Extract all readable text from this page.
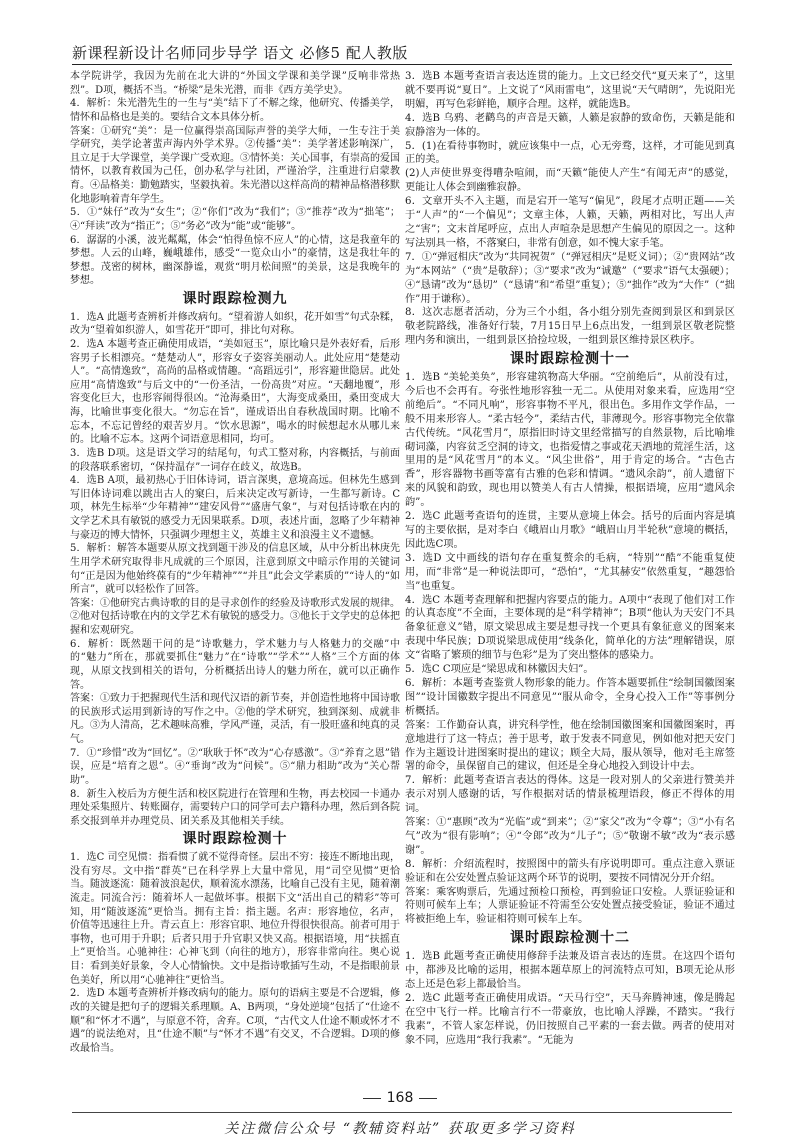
新课程新设计名师同步导学 语文 必修5 配人教版

本学院讲学，我因为先前在北大讲的“外国文学课和美学课”反响非常热烈”。D项，概括不当。“桥梁”是朱光潜，而非《西方美学史》。

4．解析：朱光潜先生的一生与“美”结下了不解之缘，他研究、传播美学，情怀和品格也是美的。要结合文本具体分析。

答案：①研究“美”：是一位赢得崇高国际声誉的美学大师，一生专注于美学研究，美学论著蜚声海内外学术界。②传播“美”：美学著述影响深广，且立足于大学课堂，美学课广受欢迎。③情怀美：关心国事，有崇高的爱国情怀，以教育救国为己任，创办私学与社团，严谨治学，注重进行启蒙教育。④品格美：勤勉踏实，坚毅执着。朱光潜以这样高尚的精神品格潜移默化地影响着青年学生。

5．①“妹仔”改为“女生”；②“你们”改为“我们”；③“推荐”改为“拙笔”；④“拜读”改为“指正”；⑤“务必”改为“能”或“能够”。

6．潺潺的小溪，波光粼粼，体会“怕得鱼惊不应人”的心情，这是我童年的梦想。人云的山峰，巍峨雄伟，感受“一览众山小”的豪情，这是我壮年的梦想。茂密的树林，幽深静谧，观赏“明月松间照”的美景，这是我晚年的梦想。

课时跟踪检测九

1．选A 此题考查辨析并修改病句。“望着游人如织，花开如雪”句式杂糅，改为“望着如织游人，如雪花开”即可，排比句对称。

2．选A 本题考查正确使用成语，“美如冠玉”，原比喻只是外表好看，后形容男子长相漂亮。“楚楚动人”，形容女子姿容美丽动人。此处应用“楚楚动人”。“高情逸致”，高尚的品格或情趣。“高蹈远引”，形容避世隐居。此处应用“高情逸致”与后文中的“一份圣洁，一份高贵”对应。“天翻地覆”，形容变化巨大，也形容闹得很凶。“沧海桑田”，大海变成桑田，桑田变成大海，比喻世事变化很大。“勿忘在旨”，谨成语出自春秋战国时期。比喻不忘本，不忘记曾经的艰苦岁月。“饮水思源”，喝水的时候想起水从哪儿来的。比喻不忘本。这两个词语意思相同，均可。

3．选B D项。这是语文学习的结尾句，句式工整对称，内容概括，与前面的段落联系密切，“保持温存”一词存在歧义，故选B。

4．选B A项，最初热心于旧体诗词，语言深奥，意境高远。但林先生感到写旧体诗词难以跳出古人的窠臼，后来决定改写新诗，一生都写新诗。C项，林先生标举“少年精神”“建安风骨”“盛唐气象”，与对包括诗歌在内的文学艺术具有敏锐的感受力无因果联系。D项，表述片面，忽略了少年精神与豪迈的博大情怀，只强调少理想主义，英雄主义和浪漫主义不遗憾。

5．解析：解答本题要从原文找到题干涉及的信息区域，从中分析出林庚先生用学术研究取得非凡成就的三个原因，注意到原文中暗示作用的关键词句“正是因为他始终葆有的“少年精神””“并且”此会文学素质的”“诗人的“如所言”，就可以轻松作了回答。

答案：①他研究古典诗歌的目的是寻求创作的经验及诗歌形式发展的规律。②他对包括诗歌在内的文学艺术有敏锐的感受力。③他长于文学史的总体把握和宏观研究。

6．解析：既然题干问的是“诗歌魅力，学术魅力与人格魅力的交融”中的“魅力”所在，那就要抓住“魅力”在“诗歌”“学术”“人格”三个方面的体现，从原文找到相关的语句，分析概括出诗人的魅力所在，就可以正确作答。

答案：①致力于把握现代生活和现代汉语的新节奏，并创造性地将中国诗歌的民族形式运用到新诗的写作之中。②他的学术研究，独到深刻、成就非凡。③为人清高，艺术趣味高雅，学风严谨，灵活，有一股旺盛和纯真的灵气。

7．①“珍惜”改为“回忆”。②“耿耿于怀”改为“心存感激”。③“养育之恩”错误，应是“培育之恩”。④“垂询”改为“问候”。⑤“鼎力相助”改为“关心帮助”。

8．新生入校后为方便生活和校区院进行在管理和生物，再去校园一卡通办理处采集照片、转账圈存，需要转户口的同学可去户籍科办理，然后到各院系交报到单并办理党员、团关系及其他相关手续。

课时跟踪检测十

1．选C 司空见惯：指看惯了就不觉得奇怪。层出不穷：接连不断地出现，没有穷尽。文中指“群英”已在科学界上大量中常见，用“司空见惯”更恰当。随波逐流：随着波浪起伏，顺着流水漂荡，比喻自己没有主见，随着潮流走。同流合污：随着坏人一起做坏事。根据下文“活出自己的精彩”等可知，用“随波逐流”更恰当。拥有主旨：指主题。名声：形容地位，名声，价值等迅速往上升。青云直上：形容官职、地位升得很快很高。前者可用于事物，也可用于升职；后者只用于升官职又快又高。根据语境，用“扶摇直上”更恰当。心驰神往：心神飞到（向往的地方），形容非常向往。奥心说目：看到美好景象，令人心情愉快。文中是指诗歌插写生动，不是指眼前景色美好，所以用“心驰神往”更恰当。

2．选D 本题考查辨析并修改病句的能力。原句的语病主要是不合逻辑，修改的关键是把句子的逻辑关系理顺。A、B两项，“身处逆境”包括了“仕途不顺”和“怀才不遇”，与原意不符，舍弃。C项，“古代文人仕途不顺或怀才不遇”的说法绝对，且“仕途不顺”与“怀才不遇”有交叉，不合逻辑。D项的修改最恰当。

3．选B 本题考查语言表达连贯的能力。上文已经交代“夏天来了”，这里就不要再说“夏日”。上文说了“风雨雷电”，这里说“天气晴朗”，先说阳光明媚，再写色彩鲜艳，顺序合理。这样，就能选B。

4．选B 乌鸦、老鹳鸟的声音是天籁，人籁是寂静的致命伤，天籁是能和寂静溶为一体的。

5．(1)在看待事物时，就应该集中一点，心无旁骛，这样，才可能见到真正的美。

(2)人声使世界变得嘈杂喧闹，而“天籁”能使人产生“有闻无声”的感觉，更能让人体会到幽雅寂静。

6．文章开头不入主题，而是宕开一笔写“偏见”，段尾才点明正题——关于“人声”的“一个偏见”；文章主体，人籁，天籁，两相对比，写出人声之“害”；文末首尾呼应，点出人声喧杂是思想产生偏见的原因之一。这种写法别具一格，不落窠臼，非常有创意，如不愧大家手笔。

7．①“弹冠相庆”改为“共同祝贺”（“弹冠相庆”是贬义词）；②“贵网站”改为“本网站”（“贵”是敬辞）；③“要求”改为“诚邀”（“要求”语气太强硬）；④“恳请”改为“恳切”（“恳请”和“希望”重复）；⑤“拙作”改为“大作”（“拙作”用于谦称）。

8．这次志愿者活动，分为三个小组，各小组分别先查阅到景区和到景区敬老院路线，准备好行装，7月15日早上6点出发，一组到景区敬老院整理内务和演出，一组到景区拾捡垃圾，一组到景区维持景区秩序。

课时跟踪检测十一

1．选B “美轮美奂”，形容建筑物高大华丽。“空前绝后”，从前没有过，今后也不会再有。夸张性地形容独一无二。从使用对象来看，应选用“空前绝后”。“不同凡响”，形容事物不平凡，很出色。多用作文学作品，一般不用来形容人。“柔古轻今”，柔结古代，菲薄现今。形容事物完全依靠古代传统。“风花雪月”，原指旧时诗文里经常描写的自然景物，后比喻堆砌词藻，内容贫乏空洞的诗文，也指爱情之事或花天酒地的荒淫生活，这里用的是“风花雪月”的本义。“风尘世俗”，用于肯定的场合。“古色古香”，形容器物书画等富有古雅的色彩和情调。“遗风余韵”，前人遗留下来的风貌和韵致，现也用以赞美人有古人情操，根据语境，应用“遗风余韵”。

2．选C 此题考查语句的连贯，主要从意境上体会。括号的后面内容是填写的主要依据，是对李白《峨眉山月歌》“峨眉山月半轮秋”意境的概括，因此选C项。

3．选D 文中画线的语句存在重复赘余的毛病，“特别”“酷”不能重复使用，而“非常”是一种说法即可，“恐怕”，“尤其赫安”依然重复，“趣怨恰当”也重复。

4．选C 本题考查理解和把握内容要点的能力。A项中“表现了他们对工作的认真态度”不全面，主要体现的是“科学精神”；B项“他认为天安门不具备象征意义”错，原文梁思成主要是想寻找一个更具有象征意义的图案来表现中华民族；D项说梁思成使用“线条化，简单化的方法”理解错误，原文“省略了繁琐的细节与色彩”是为了突出整体的感染力。

5．选C C项应是“梁思成和林徽因夫妇”。

6．解析：本题考查鉴赏人物形象的能力。作答本题要抓住“绘制国徽图案图”“设计国徽数字提出不同意见”“服从命令，全身心投入工作”等事例分析概括。

答案：工作勤奋认真，讲究科学性，他在绘制国徽图案和国徽图案时，再意地进行了这一特点；善于思考，敢于发表不同意见，例如他对把天安门作为主题设计进图案时提出的建议；顾全大局，服从领导，他对毛主席签署的命令，虽保留自己的建议，但还是全身心地投入到设计中去。

7．解析：此题考查语言表达的得体。这是一段对别人的父亲进行赞美并表示对别人感谢的话，写作根据对话的情景梳理语段，修正不得体的用词。

答案：①“惠顾”改为“光临”或“到来”；②“家父”改为“令尊”；③“小有名气”改为“很有影响”；④“令郎”改为“儿子”；⑤“敬谢不敏”改为“表示感谢”。

8．解析：介绍流程时，按照图中的箭头有序说明即可。重点注意入票证验证和在公安处置点验证这两个环节的说明，要按不同情况分开介绍。

答案：乘客购票后，先通过预检口预检，再到验证口安检。人票证验证和符则可候车上车；人票证验证不符需至公安处置点接受验证，验证不通过将被拒绝上车，验证相符则可候车上车。

课时跟踪检测十二

1．选B 此题考查正确使用修辞手法兼及语言表达的连贯。在这四个语句中，都涉及比喻的运用，根据本题草原上的河流特点可知，B项无论从形态上还是色彩上都最恰当。

2．选C 此题考查正确使用成语。“天马行空”，天马奔腾神速，像是腾起在空中飞行一样。比喻言行不一带豪放，也比喻人浮躁，不踏实。“我行我素”，不管人家怎样说，仍旧按照自己平素的一套去做。两者的使用对象不同，应选用“我行我素”。“无能为

168
关注微信公众号 “教辅资料站” 获取更多学习资料
